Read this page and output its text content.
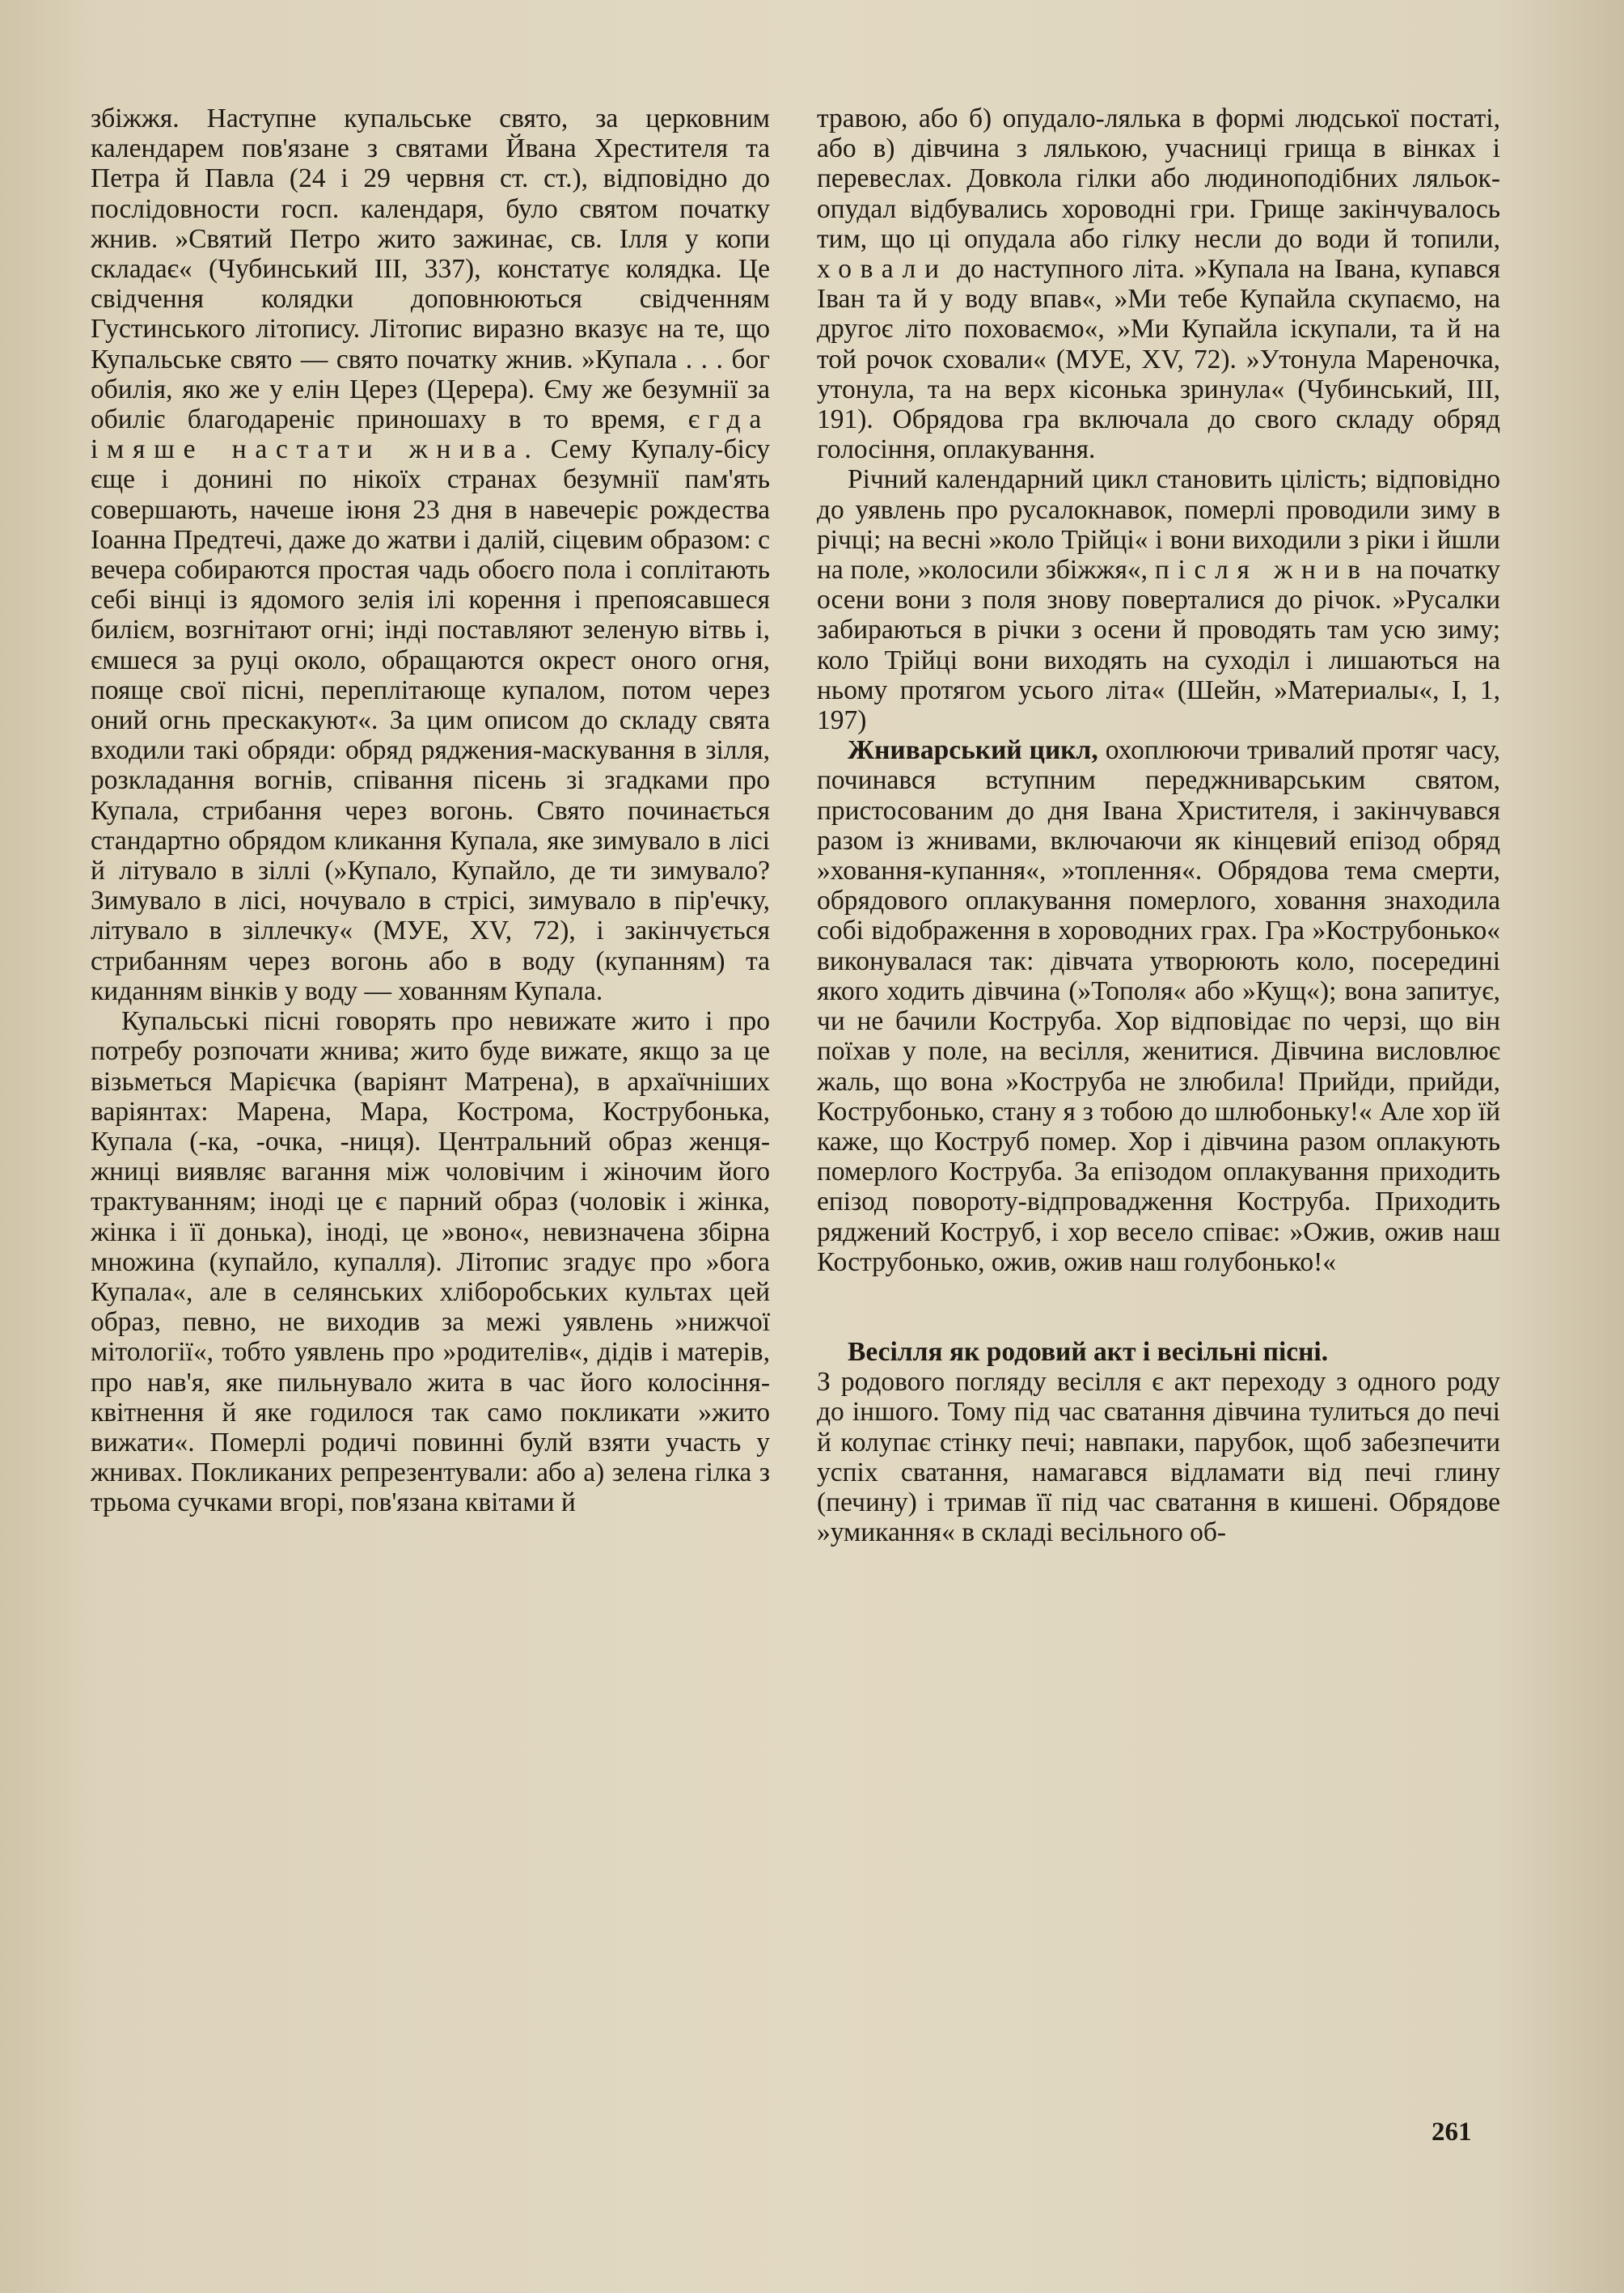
збіжжя. Наступне купальське свято, за церковним календарем пов'язане з святами Йвана Хрестителя та Петра й Павла (24 і 29 червня ст. ст.), відповідно до послідовности госп. календаря, було святом початку жнив. »Святий Петро жито зажинає, св. Ілля у копи складає« (Чубинський III, 337), констатує колядка. Це свідчення колядки доповнюються свідченням Густинського літопису. Літопис виразно вказує на те, що Купальське свято — свято початку жнив. »Купала . . . бог обилія, яко же у елін Церез (Церера). Єму же безумнії за обиліє благодареніє приношаху в то время, єгда імяше настати жнива. Сему Купалу-бісу єще і донині по нікоїх странах безумнії пам'ять совершають, начеше іюня 23 дня в навечеріє рождества Іоанна Предтечі, даже до жатви і далій, сіцевим образом: с вечера собираются простая чадь обоєго пола і соплітають себі вінці із ядомого зелія ілі корення і препоясавшеся билієм, возгнітают огні; інді поставляют зеленую вітвь і, ємшеся за руці около, обращаются окрест оного огня, пояще свої пісні, переплітающе купалом, потом через оний огнь прескакуют«. За цим описом до складу свята входили такі обряди: обряд ряджения-маскування в зілля, розкладання вогнів, співання пісень зі згадками про Купала, стрибання через вогонь. Свято починається стандартно обрядом кликання Купала, яке зимувало в лісі й літувало в зіллі (»Купало, Купайло, де ти зимувало? Зимувало в лісі, ночувало в стрісі, зимувало в пір'ечку, літувало в зіллечку« (МУЕ, XV, 72), і закінчується стрибанням через вогонь або в воду (купанням) та киданням вінків у воду — хованням Купала.

Купальські пісні говорять про невижате жито і про потребу розпочати жнива; жито буде вижате, якщо за це візьметься Марієчка (варіянт Матрена), в архаїчніших варіянтах: Марена, Мара, Кострома, Кострубонька, Купала (-ка, -очка, -ниця). Центральний образ женця-жниці виявляє вагання між чоловічим і жіночим його трактуванням; іноді це є парний образ (чоловік і жінка, жінка і її донька), іноді, це »воно«, невизначена збірна множина (купайло, купалля). Літопис згадує про »бога Купала«, але в селянських хліборобських культах цей образ, певно, не виходив за межі уявлень »нижчої мітології«, тобто уявлень про »родителів«, дідів і матерів, про нав'я, яке пильнувало жита в час його колосіння-квітнення й яке годилося так само покликати »жито вижати«. Померлі родичі повинні булй взяти участь у жнивах. Покликаних репрезентували: або а) зелена гілка з трьома сучками вгорі, пов'язана квітами й

травою, або б) опудало-лялька в формі людської постаті, або в) дівчина з лялькою, учасниці грища в вінках і перевеслах. Довкола гілки або людиноподібних ляльок-опудал відбувались хороводні гри. Грище закінчувалось тим, що ці опудала або гілку несли до води й топили, ховали до наступного літа. »Купала на Івана, купався Іван та й у воду впав«, »Ми тебе Купайла скупаємо, на другоє літо поховаємо«, »Ми Купайла іскупали, та й на той рочок сховали« (МУЕ, XV, 72). »Утонула Мареночка, утонула, та на верх кісонька зринула« (Чубинський, III, 191). Обрядова гра включала до свого складу обряд голосіння, оплакування.

Річний календарний цикл становить цілість; відповідно до уявлень про русалокнавок, померлі проводили зиму в річці; на весні »коло Трійці« і вони виходили з ріки і йшли на поле, »колосили збіжжя«, після жнив на початку осени вони з поля знову поверталися до річок. »Русалки забираються в річки з осени й проводять там усю зиму; коло Трійці вони виходять на суходіл і лишаються на ньому протягом усього літа« (Шейн, »Материалы«, I, 1, 197)

Жниварський цикл, охоплюючи тривалий протяг часу, починався вступним переджниварським святом, пристосованим до дня Івана Христителя, і закінчувався разом із жнивами, включаючи як кінцевий епізод обряд »ховання-купання«, »топлення«. Обрядова тема смерти, обрядового оплакування померлого, ховання знаходила собі відображення в хороводних грах. Гра »Кострубонько« виконувалася так: дівчата утворюють коло, посередині якого ходить дівчина (»Тополя« або »Кущ«); вона запитує, чи не бачили Коструба. Хор відповідає по черзі, що він поїхав у поле, на весілля, женитися. Дівчина висловлює жаль, що вона »Коструба не злюбила! Прийди, прийди, Кострубонько, стану я з тобою до шлюбоньку!« Але хор їй каже, що Коструб помер. Хор і дівчина разом оплакують померлого Коструба. За епізодом оплакування приходить епізод повороту-відпровадження Коструба. Приходить ряджений Коструб, і хор весело співає: »Ожив, ожив наш Кострубонько, ожив, ожив наш голубонько!«

Весілля як родовий акт і весільні пісні.

З родового погляду весілля є акт переходу з одного роду до іншого. Тому під час сватання дівчина тулиться до печі й колупає стінку печі; навпаки, парубок, щоб забезпечити успіх сватання, намагався відламати від печі глину (печину) і тримав її під час сватання в кишені. Обрядове »умикання« в складі весільного об-

261
